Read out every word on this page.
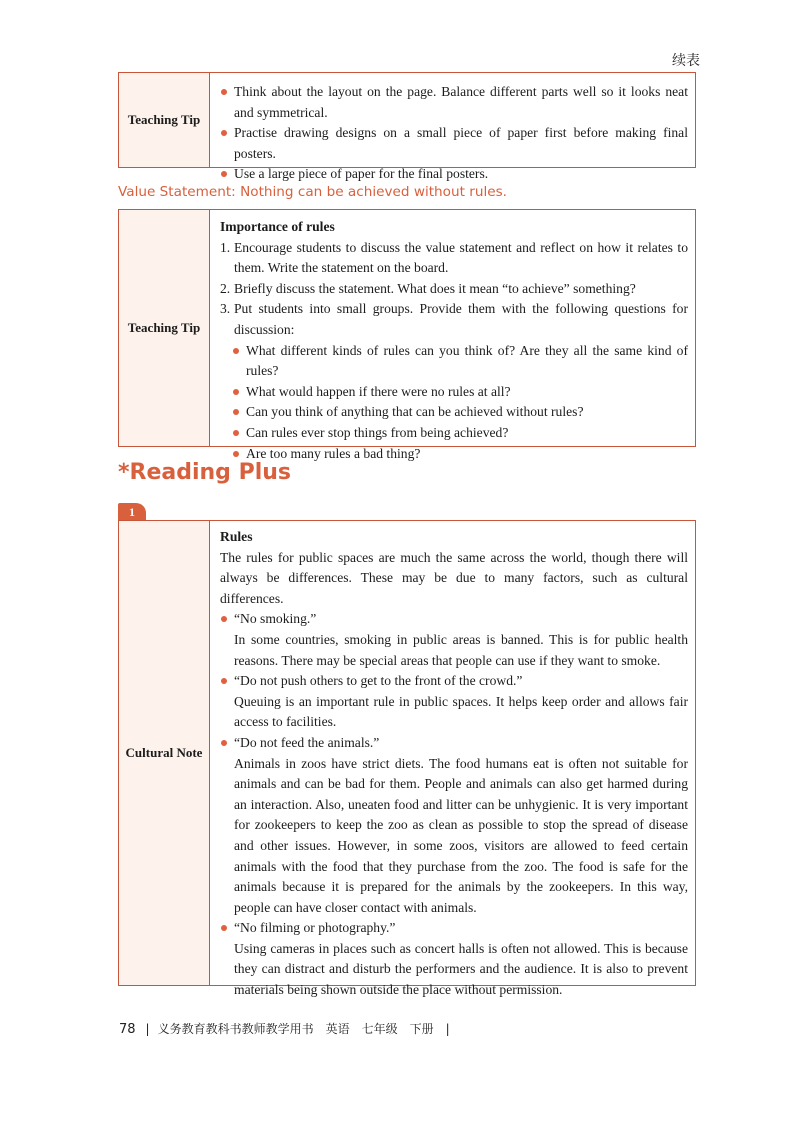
续表
Teaching Tip
Think about the layout on the page. Balance different parts well so it looks neat and symmetrical.
Practise drawing designs on a small piece of paper first before making final posters.
Use a large piece of paper for the final posters.
Value Statement: Nothing can be achieved without rules.
Teaching Tip
Importance of rules
1. Encourage students to discuss the value statement and reflect on how it relates to them. Write the statement on the board.
2. Briefly discuss the statement. What does it mean “to achieve” something?
3. Put students into small groups. Provide them with the following questions for discussion:
What different kinds of rules can you think of? Are they all the same kind of rules?
What would happen if there were no rules at all?
Can you think of anything that can be achieved without rules?
Can rules ever stop things from being achieved?
Are too many rules a bad thing?
*Reading Plus
1
Cultural Note
Rules
The rules for public spaces are much the same across the world, though there will always be differences. These may be due to many factors, such as cultural differences.
“No smoking.”
In some countries, smoking in public areas is banned. This is for public health reasons. There may be special areas that people can use if they want to smoke.
“Do not push others to get to the front of the crowd.”
Queuing is an important rule in public spaces. It helps keep order and allows fair access to facilities.
“Do not feed the animals.”
Animals in zoos have strict diets. The food humans eat is often not suitable for animals and can be bad for them. People and animals can also get harmed during an interaction. Also, uneaten food and litter can be unhygienic. It is very important for zookeepers to keep the zoo as clean as possible to stop the spread of disease and other issues. However, in some zoos, visitors are allowed to feed certain animals with the food that they purchase from the zoo. The food is safe for the animals because it is prepared for the animals by the zookeepers. In this way, people can have closer contact with animals.
“No filming or photography.”
Using cameras in places such as concert halls is often not allowed. This is because they can distract and disturb the performers and the audience. It is also to prevent materials being shown outside the place without permission.
78 | 义务教育教科书教师教学用书 英语 七年级 下册 |
